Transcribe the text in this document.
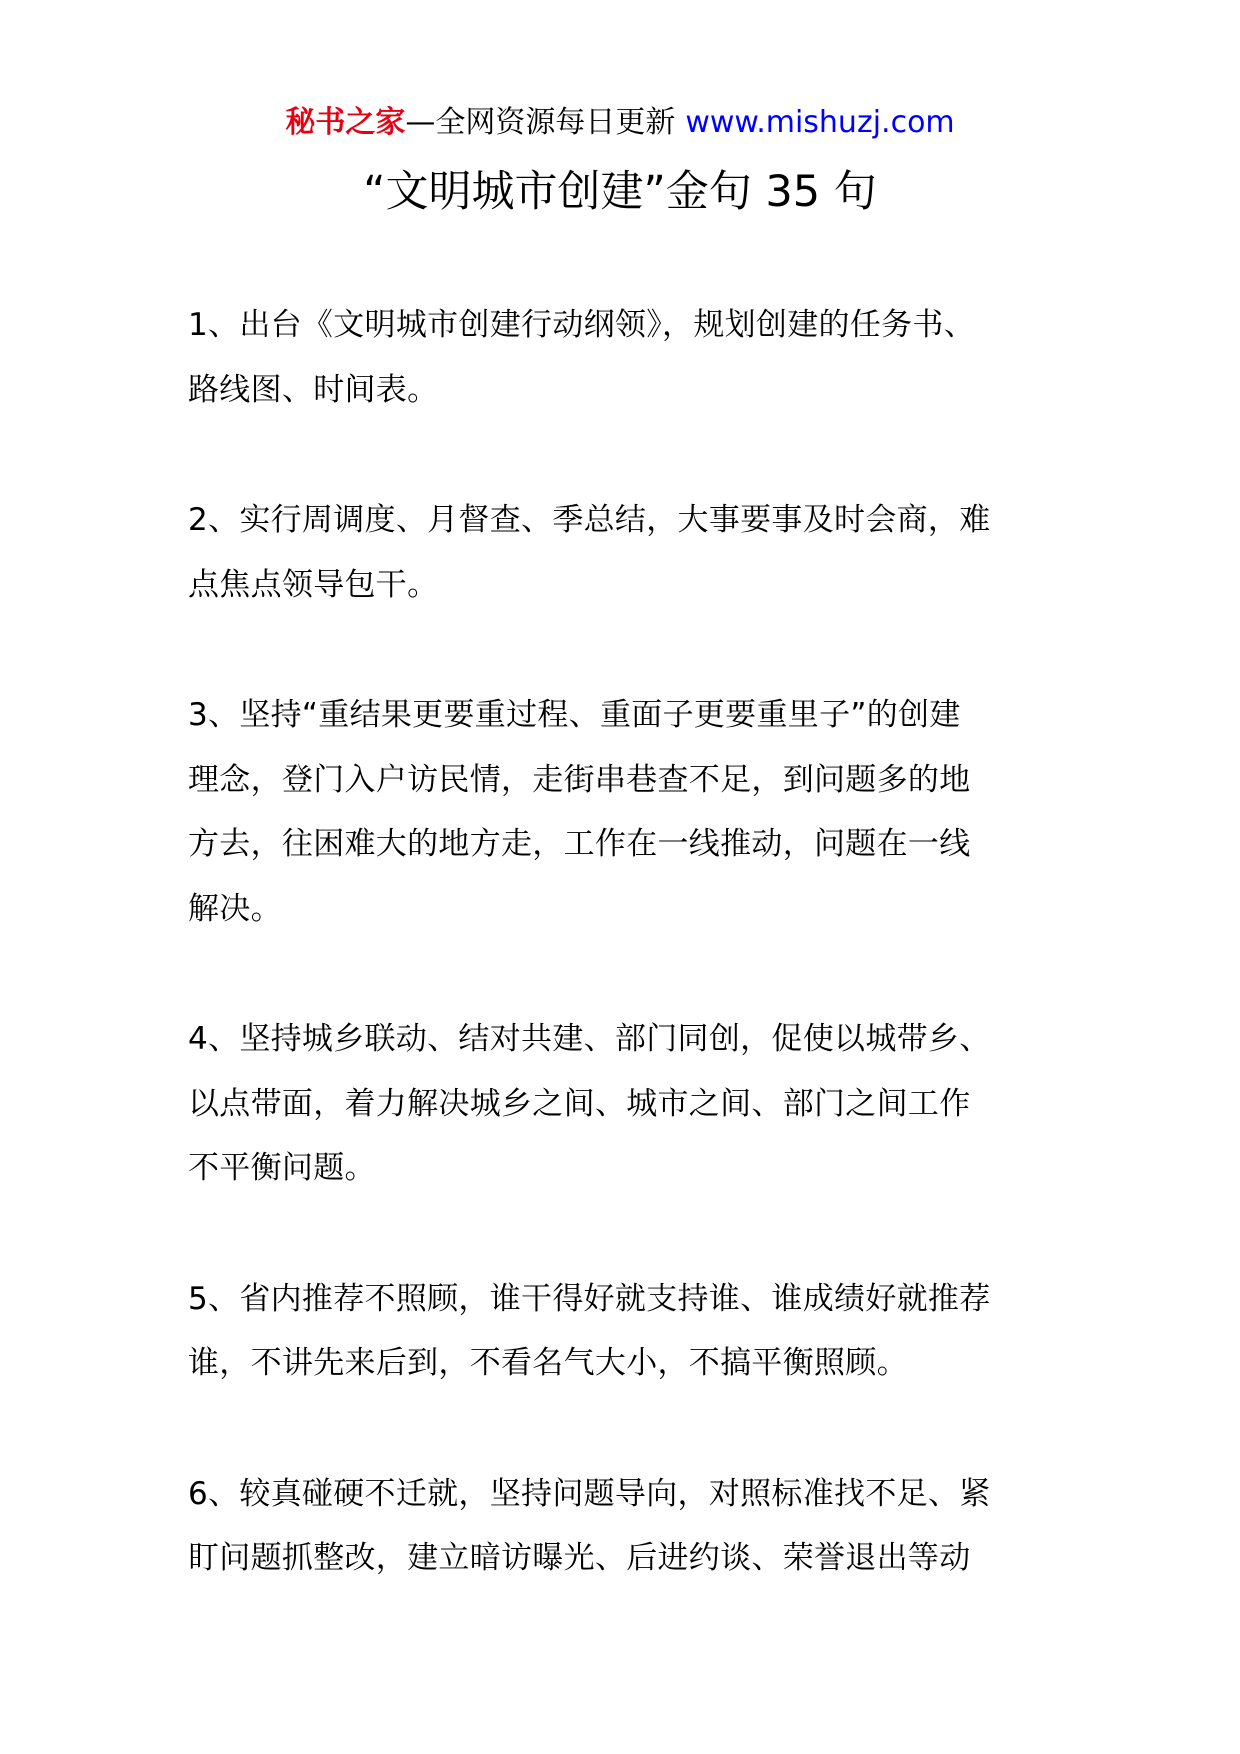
秘书之家—全网资源每日更新 www.mishuzj.com
“文明城市创建”金句 35 句

1、出台《文明城市创建行动纲领》，规划创建的任务书、
路线图、时间表。

2、实行周调度、月督查、季总结，大事要事及时会商，难
点焦点领导包干。

3、坚持“重结果更要重过程、重面子更要重里子”的创建
理念，登门入户访民情，走街串巷查不足，到问题多的地
方去，往困难大的地方走，工作在一线推动，问题在一线
解决。

4、坚持城乡联动、结对共建、部门同创，促使以城带乡、
以点带面，着力解决城乡之间、城市之间、部门之间工作
不平衡问题。

5、省内推荐不照顾，谁干得好就支持谁、谁成绩好就推荐
谁，不讲先来后到，不看名气大小，不搞平衡照顾。

6、较真碰硬不迁就，坚持问题导向，对照标准找不足、紧
盯问题抓整改，建立暗访曝光、后进约谈、荣誉退出等动
